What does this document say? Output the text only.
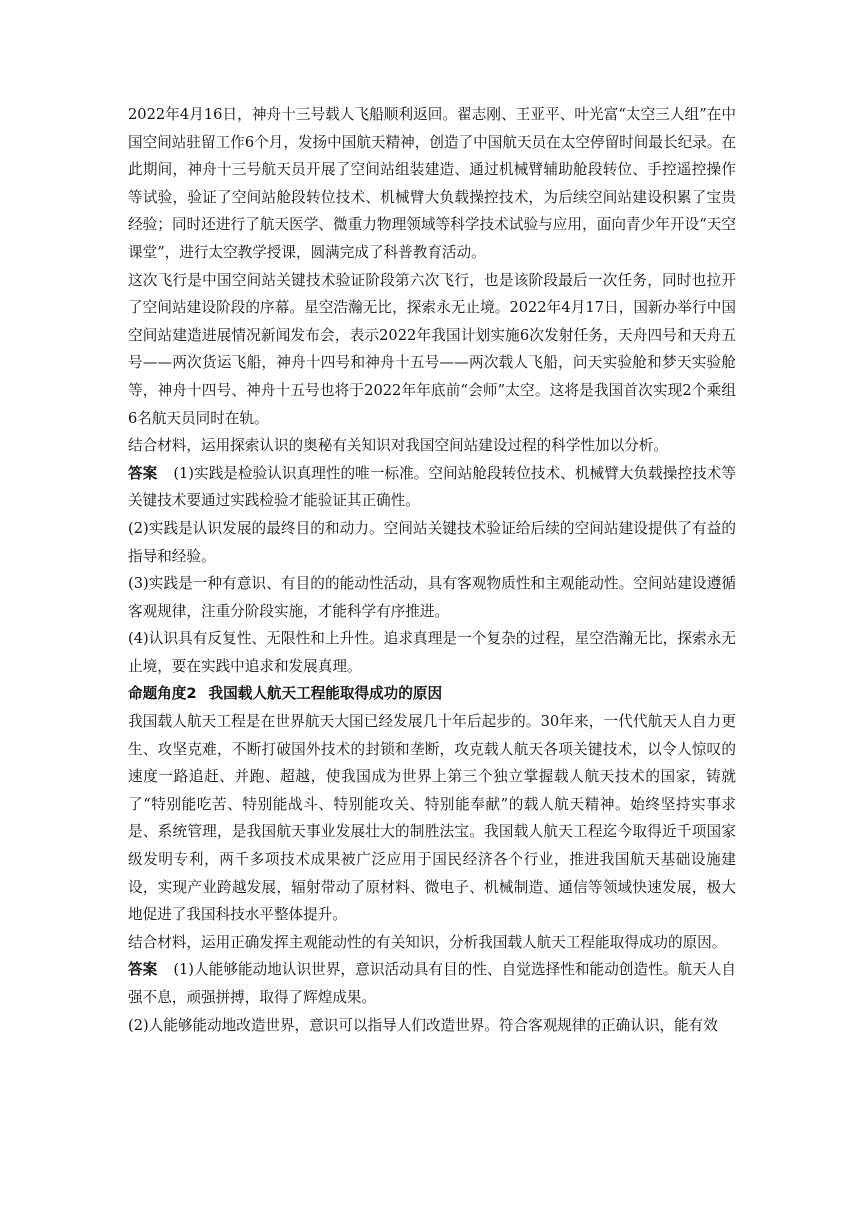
2022年4月16日，神舟十三号载人飞船顺利返回。翟志刚、王亚平、叶光富“太空三人组”在中国空间站驻留工作6个月，发扬中国航天精神，创造了中国航天员在太空停留时间最长纪录。在此期间，神舟十三号航天员开展了空间站组装建造、通过机械臂辅助舱段转位、手控遥控操作等试验，验证了空间站舱段转位技术、机械臂大负载操控技术，为后续空间站建设积累了宝贵经验；同时还进行了航天医学、微重力物理领域等科学技术试验与应用，面向青少年开设“天空课堂”，进行太空教学授课，圆满完成了科普教育活动。

这次飞行是中国空间站关键技术验证阶段第六次飞行，也是该阶段最后一次任务，同时也拉开了空间站建设阶段的序幕。星空浩瀚无比，探索永无止境。2022年4月17日，国新办举行中国空间站建造进展情况新闻发布会，表示2022年我国计划实施6次发射任务，天舟四号和天舟五号——两次货运飞船，神舟十四号和神舟十五号——两次载人飞船，问天实验舱和梦天实验舱等，神舟十四号、神舟十五号也将于2022年年底前“会师”太空。这将是我国首次实现2个乘组6名航天员同时在轨。

结合材料，运用探索认识的奥秘有关知识对我国空间站建设过程的科学性加以分析。

答案 (1)实践是检验认识真理性的唯一标准。空间站舱段转位技术、机械臂大负载操控技术等关键技术要通过实践检验才能验证其正确性。

(2)实践是认识发展的最终目的和动力。空间站关键技术验证给后续的空间站建设提供了有益的指导和经验。

(3)实践是一种有意识、有目的的能动性活动，具有客观物质性和主观能动性。空间站建设遵循客观规律，注重分阶段实施，才能科学有序推进。

(4)认识具有反复性、无限性和上升性。追求真理是一个复杂的过程，星空浩瀚无比，探索永无止境，要在实践中追求和发展真理。

命题角度2 我国载人航天工程能取得成功的原因

我国载人航天工程是在世界航天大国已经发展几十年后起步的。30年来，一代代航天人自力更生、攻坚克难，不断打破国外技术的封锁和垄断，攻克载人航天各项关键技术，以令人惊叹的速度一路追赶、并跑、超越，使我国成为世界上第三个独立掌握载人航天技术的国家，铸就了“特别能吃苦、特别能战斗、特别能攻关、特别能奉献”的载人航天精神。始终坚持实事求是、系统管理，是我国航天事业发展壮大的制胜法宝。我国载人航天工程迄今取得近千项国家级发明专利，两千多项技术成果被广泛应用于国民经济各个行业，推进我国航天基础设施建设，实现产业跨越发展，辐射带动了原材料、微电子、机械制造、通信等领域快速发展，极大地促进了我国科技水平整体提升。

结合材料，运用正确发挥主观能动性的有关知识，分析我国载人航天工程能取得成功的原因。

答案 (1)人能够能动地认识世界，意识活动具有目的性、自觉选择性和能动创造性。航天人自强不息，顽强拼搏，取得了辉煌成果。

(2)人能够能动地改造世界，意识可以指导人们改造世界。符合客观规律的正确认识，能有效
